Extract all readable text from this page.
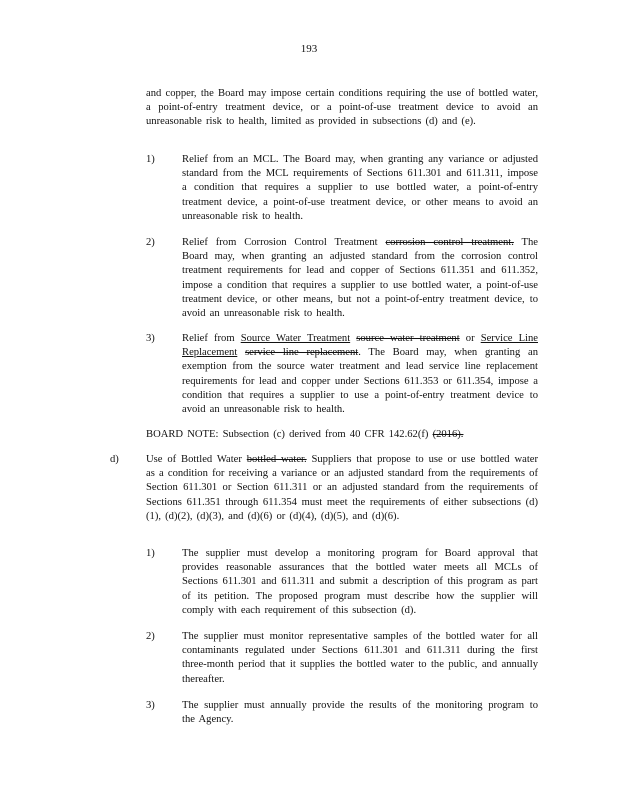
193
and copper, the Board may impose certain conditions requiring the use of bottled water, a point-of-entry treatment device, or a point-of-use treatment device to avoid an unreasonable risk to health, limited as provided in subsections (d) and (e).
1)	Relief from an MCL. The Board may, when granting any variance or adjusted standard from the MCL requirements of Sections 611.301 and 611.311, impose a condition that requires a supplier to use bottled water, a point-of-entry treatment device, a point-of-use treatment device, or other means to avoid an unreasonable risk to health.
2)	Relief from Corrosion Control Treatment corrosion control treatment. The Board may, when granting an adjusted standard from the corrosion control treatment requirements for lead and copper of Sections 611.351 and 611.352, impose a condition that requires a supplier to use bottled water, a point-of-use treatment device, or other means, but not a point-of-entry treatment device, to avoid an unreasonable risk to health.
3)	Relief from Source Water Treatment source water treatment or Service Line Replacement service line replacement. The Board may, when granting an exemption from the source water treatment and lead service line replacement requirements for lead and copper under Sections 611.353 or 611.354, impose a condition that requires a supplier to use a point-of-entry treatment device to avoid an unreasonable risk to health.
BOARD NOTE: Subsection (c) derived from 40 CFR 142.62(f) (2016).
d)	Use of Bottled Water bottled water. Suppliers that propose to use or use bottled water as a condition for receiving a variance or an adjusted standard from the requirements of Section 611.301 or Section 611.311 or an adjusted standard from the requirements of Sections 611.351 through 611.354 must meet the requirements of either subsections (d)(1), (d)(2), (d)(3), and (d)(6) or (d)(4), (d)(5), and (d)(6).
1)	The supplier must develop a monitoring program for Board approval that provides reasonable assurances that the bottled water meets all MCLs of Sections 611.301 and 611.311 and submit a description of this program as part of its petition. The proposed program must describe how the supplier will comply with each requirement of this subsection (d).
2)	The supplier must monitor representative samples of the bottled water for all contaminants regulated under Sections 611.301 and 611.311 during the first three-month period that it supplies the bottled water to the public, and annually thereafter.
3)	The supplier must annually provide the results of the monitoring program to the Agency.
